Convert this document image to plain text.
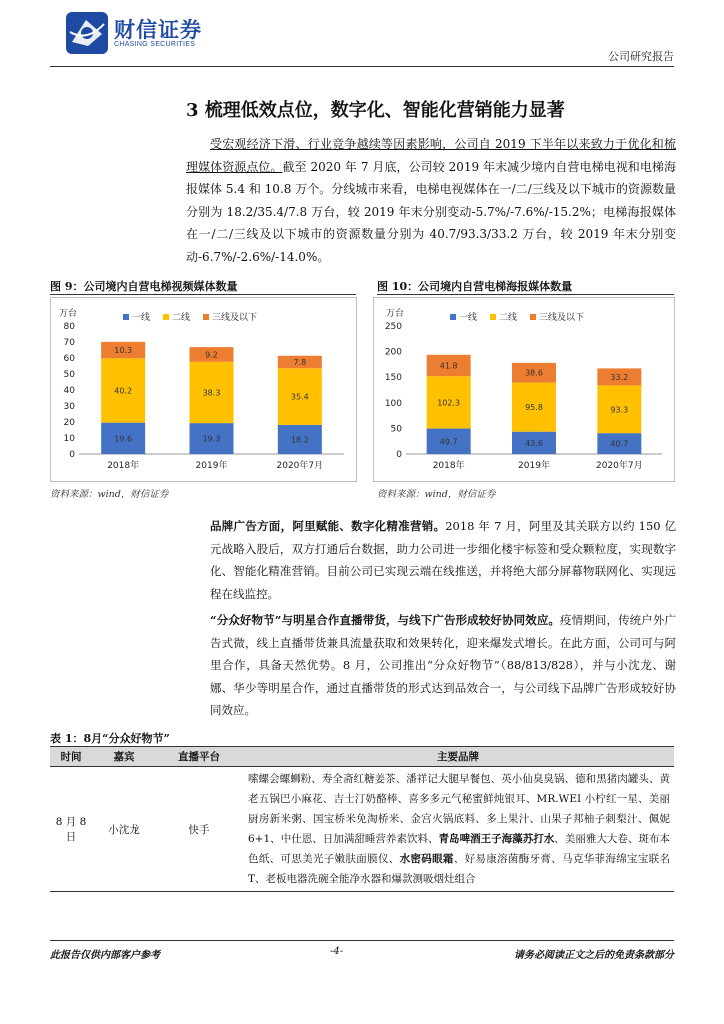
财信证券
CHASING SECURITIES
公司研究报告
3 梳理低效点位，数字化、智能化营销能力显著
受宏观经济下滑、行业竞争越续等因素影响，公司自 2019 下半年以来致力于优化和梳理媒体资源点位。截至 2020 年 7 月底，公司较 2019 年末减少境内自营电梯电视和电梯海报媒体 5.4 和 10.8 万个。分线城市来看，电梯电视媒体在一/二/三线及以下城市的资源数量分别为 18.2/35.4/7.8 万台，较 2019 年末分别变动-5.7%/-7.6%/-15.2%；电梯海报媒体在一/二/三线及以下城市的资源数量分别为 40.7/93.3/33.2 万台，较 2019 年末分别变动-6.7%/-2.6%/-14.0%。
图 9：公司境内自营电梯视频媒体数量
万台
0
10
20
30
40
50
60
70
80
一线 二线 三线及以下
19.6
40.2
10.3
2018年
19.3
38.3
9.2
2019年
18.2
35.4
7.8
2020年7月
资料来源：wind，财信证券
图 10：公司境内自营电梯海报媒体数量
万台
0
50
100
150
200
250
一线 二线 三线及以下
49.7
102.3
41.8
2018年
43.6
95.8
38.6
2019年
40.7
93.3
33.2
2020年7月
资料来源：wind，财信证券
品牌广告方面，阿里赋能、数字化精准营销。2018 年 7 月，阿里及其关联方以约 150 亿元战略入股后，双方打通后台数据，助力公司进一步细化楼宇标签和受众颗粒度，实现数字化、智能化精准营销。目前公司已实现云端在线推送，并将绝大部分屏幕物联网化、实现远程在线监控。
“分众好物节”与明星合作直播带货，与线下广告形成较好协同效应。疫情期间，传统户外广告式微，线上直播带货兼具流量获取和效果转化，迎来爆发式增长。在此方面，公司可与阿里合作，具备天然优势。8 月，公司推出“分众好物节”（88/813/828），并与小沈龙、谢娜、华少等明星合作，通过直播带货的形式达到品效合一，与公司线下品牌广告形成较好协同效应。
表 1：8月“分众好物节”
时间	嘉宾	直播平台	主要品牌
8 月 8 日	小沈龙	快手	嗦螺会螺蛳粉、寿全斋红糖姜茶、潘祥记大腿早餐包、英小仙臭臭锅、德和黑猪肉罐头、黄老五锅巴小麻花、吉士汀奶酪棒、喜多多元气秘蜜鲜炖银耳、MR.WEI 小柠红一星、美丽厨房新米粥、国宝桥米免淘桥米、金宫火锅底料、多上果汁、山果子邦柚子刺梨汁、佩妮 6+1、中仕恩、日加满甜睡营养素饮料、青岛啤酒王子海藻苏打水、美丽雅大大卷、斑布本色纸、可思美光子嫩肤面膜仪、水密码眼霜、好易康溶菌酶牙膏、马克华菲海绵宝宝联名 T、老板电器洗碗全能净水器和爆款测吸烟灶组合
此报告仅供内部客户参考	-4-	请务必阅读正文之后的免责条款部分
